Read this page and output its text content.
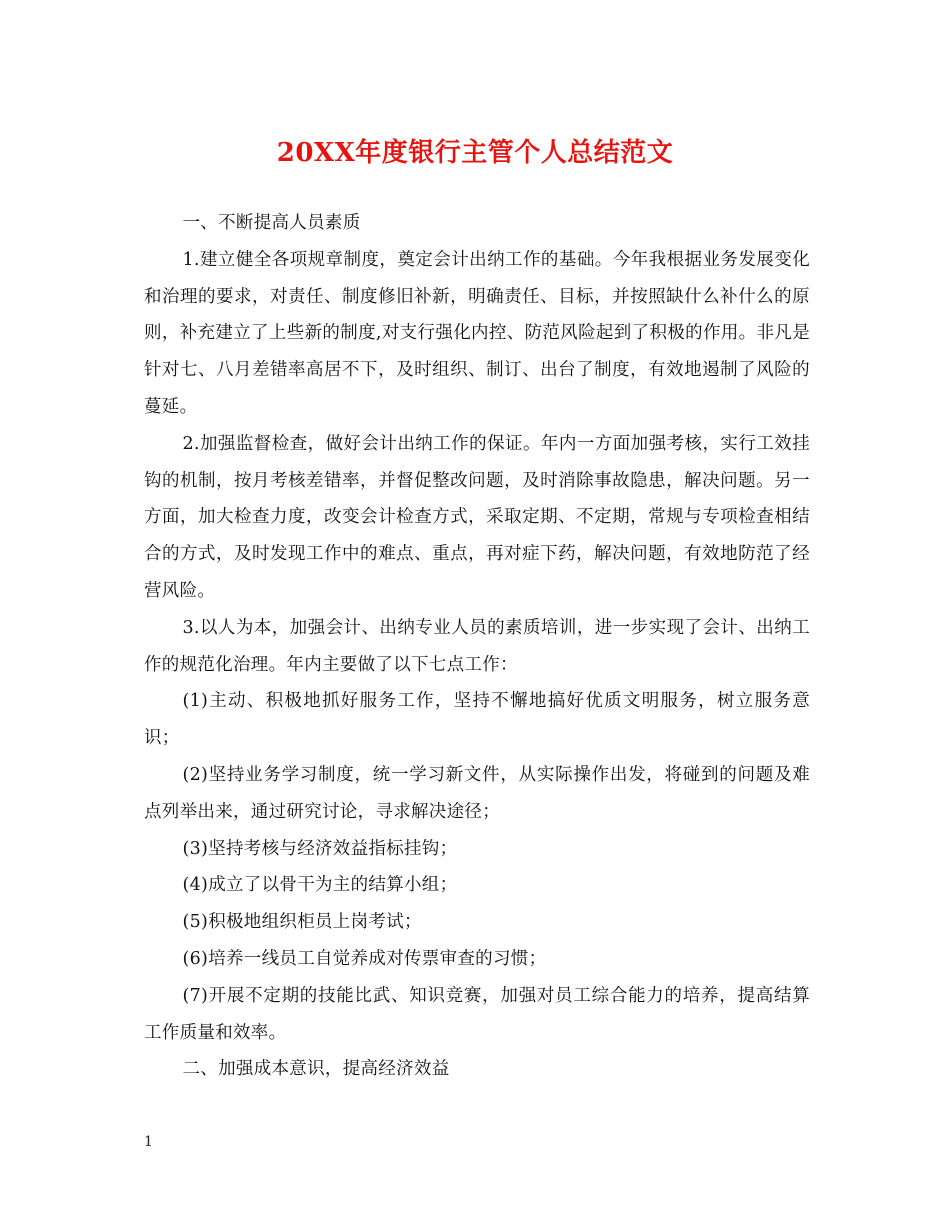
20XX年度银行主管个人总结范文

一、不断提高人员素质

1.建立健全各项规章制度，奠定会计出纳工作的基础。今年我根据业务发展变化和治理的要求，对责任、制度修旧补新，明确责任、目标，并按照缺什么补什么的原则，补充建立了上些新的制度,对支行强化内控、防范风险起到了积极的作用。非凡是针对七、八月差错率高居不下，及时组织、制订、出台了制度，有效地遏制了风险的蔓延。

2.加强监督检查，做好会计出纳工作的保证。年内一方面加强考核，实行工效挂钩的机制，按月考核差错率，并督促整改问题，及时消除事故隐患，解决问题。另一方面，加大检查力度，改变会计检查方式，采取定期、不定期，常规与专项检查相结合的方式，及时发现工作中的难点、重点，再对症下药，解决问题，有效地防范了经营风险。

3.以人为本，加强会计、出纳专业人员的素质培训，进一步实现了会计、出纳工作的规范化治理。年内主要做了以下七点工作：

(1)主动、积极地抓好服务工作，坚持不懈地搞好优质文明服务，树立服务意识；

(2)坚持业务学习制度，统一学习新文件，从实际操作出发，将碰到的问题及难点列举出来，通过研究讨论，寻求解决途径；

(3)坚持考核与经济效益指标挂钩；

(4)成立了以骨干为主的结算小组；

(5)积极地组织柜员上岗考试；

(6)培养一线员工自觉养成对传票审查的习惯；

(7)开展不定期的技能比武、知识竞赛，加强对员工综合能力的培养，提高结算工作质量和效率。

二、加强成本意识，提高经济效益

1
